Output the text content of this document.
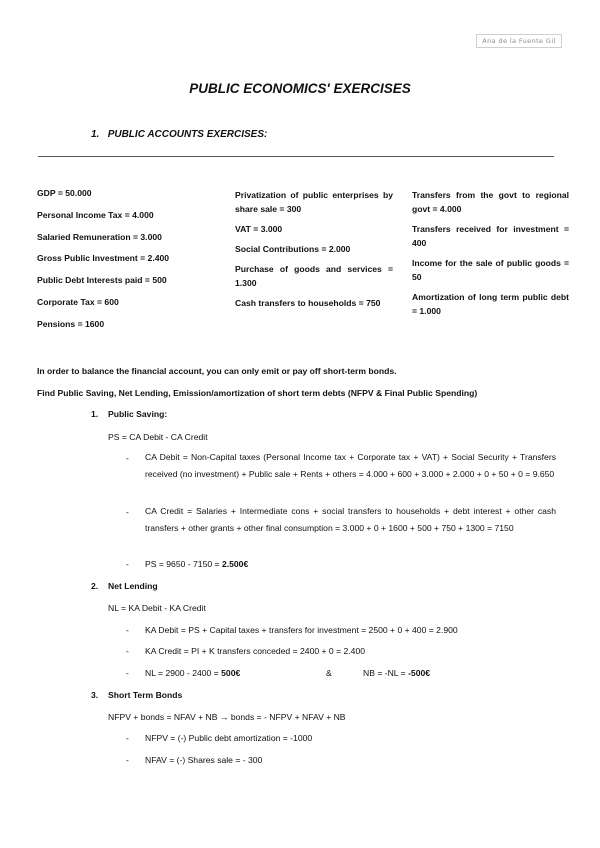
Ana de la Fuente Gil
PUBLIC ECONOMICS' EXERCISES
1. PUBLIC ACCOUNTS EXERCISES:
GDP = 50.000
Personal Income Tax = 4.000
Salaried Remuneration = 3.000
Gross Public Investment = 2.400
Public Debt Interests paid = 500
Corporate Tax = 600
Pensions = 1600
Privatization of public enterprises by share sale = 300
VAT = 3.000
Social Contributions = 2.000
Purchase of goods and services = 1.300
Cash transfers to households = 750
Transfers from the govt to regional govt = 4.000
Transfers received for investment = 400
Income for the sale of public goods = 50
Amortization of long term public debt = 1.000
In order to balance the financial account, you can only emit or pay off short-term bonds.
Find Public Saving, Net Lending, Emission/amortization of short term debts (NFPV & Final Public Spending)
1. Public Saving:
PS = CA Debit - CA Credit
- CA Debit = Non-Capital taxes (Personal Income tax + Corporate tax + VAT) + Social Security + Transfers received (no investment) + Public sale + Rents + others = 4.000 + 600 + 3.000 + 2.000 + 0 + 50 + 0 = 9.650
- CA Credit = Salaries + Intermediate cons + social transfers to households + debt interest + other cash transfers + other grants + other final consumption = 3.000 + 0 + 1600 + 500 + 750 + 1300 = 7150
- PS = 9650 - 7150 = 2.500€
2. Net Lending
NL = KA Debit - KA Credit
- KA Debit = PS + Capital taxes + transfers for investment = 2500 + 0 + 400 = 2.900
- KA Credit = PI + K transfers conceded = 2400 + 0 = 2.400
- NL = 2900 - 2400 = 500€	&	NB = -NL = -500€
3. Short Term Bonds
NFPV + bonds = NFAV + NB → bonds = - NFPV + NFAV + NB
- NFPV = (-) Public debt amortization = -1000
- NFAV = (-) Shares sale = - 300
